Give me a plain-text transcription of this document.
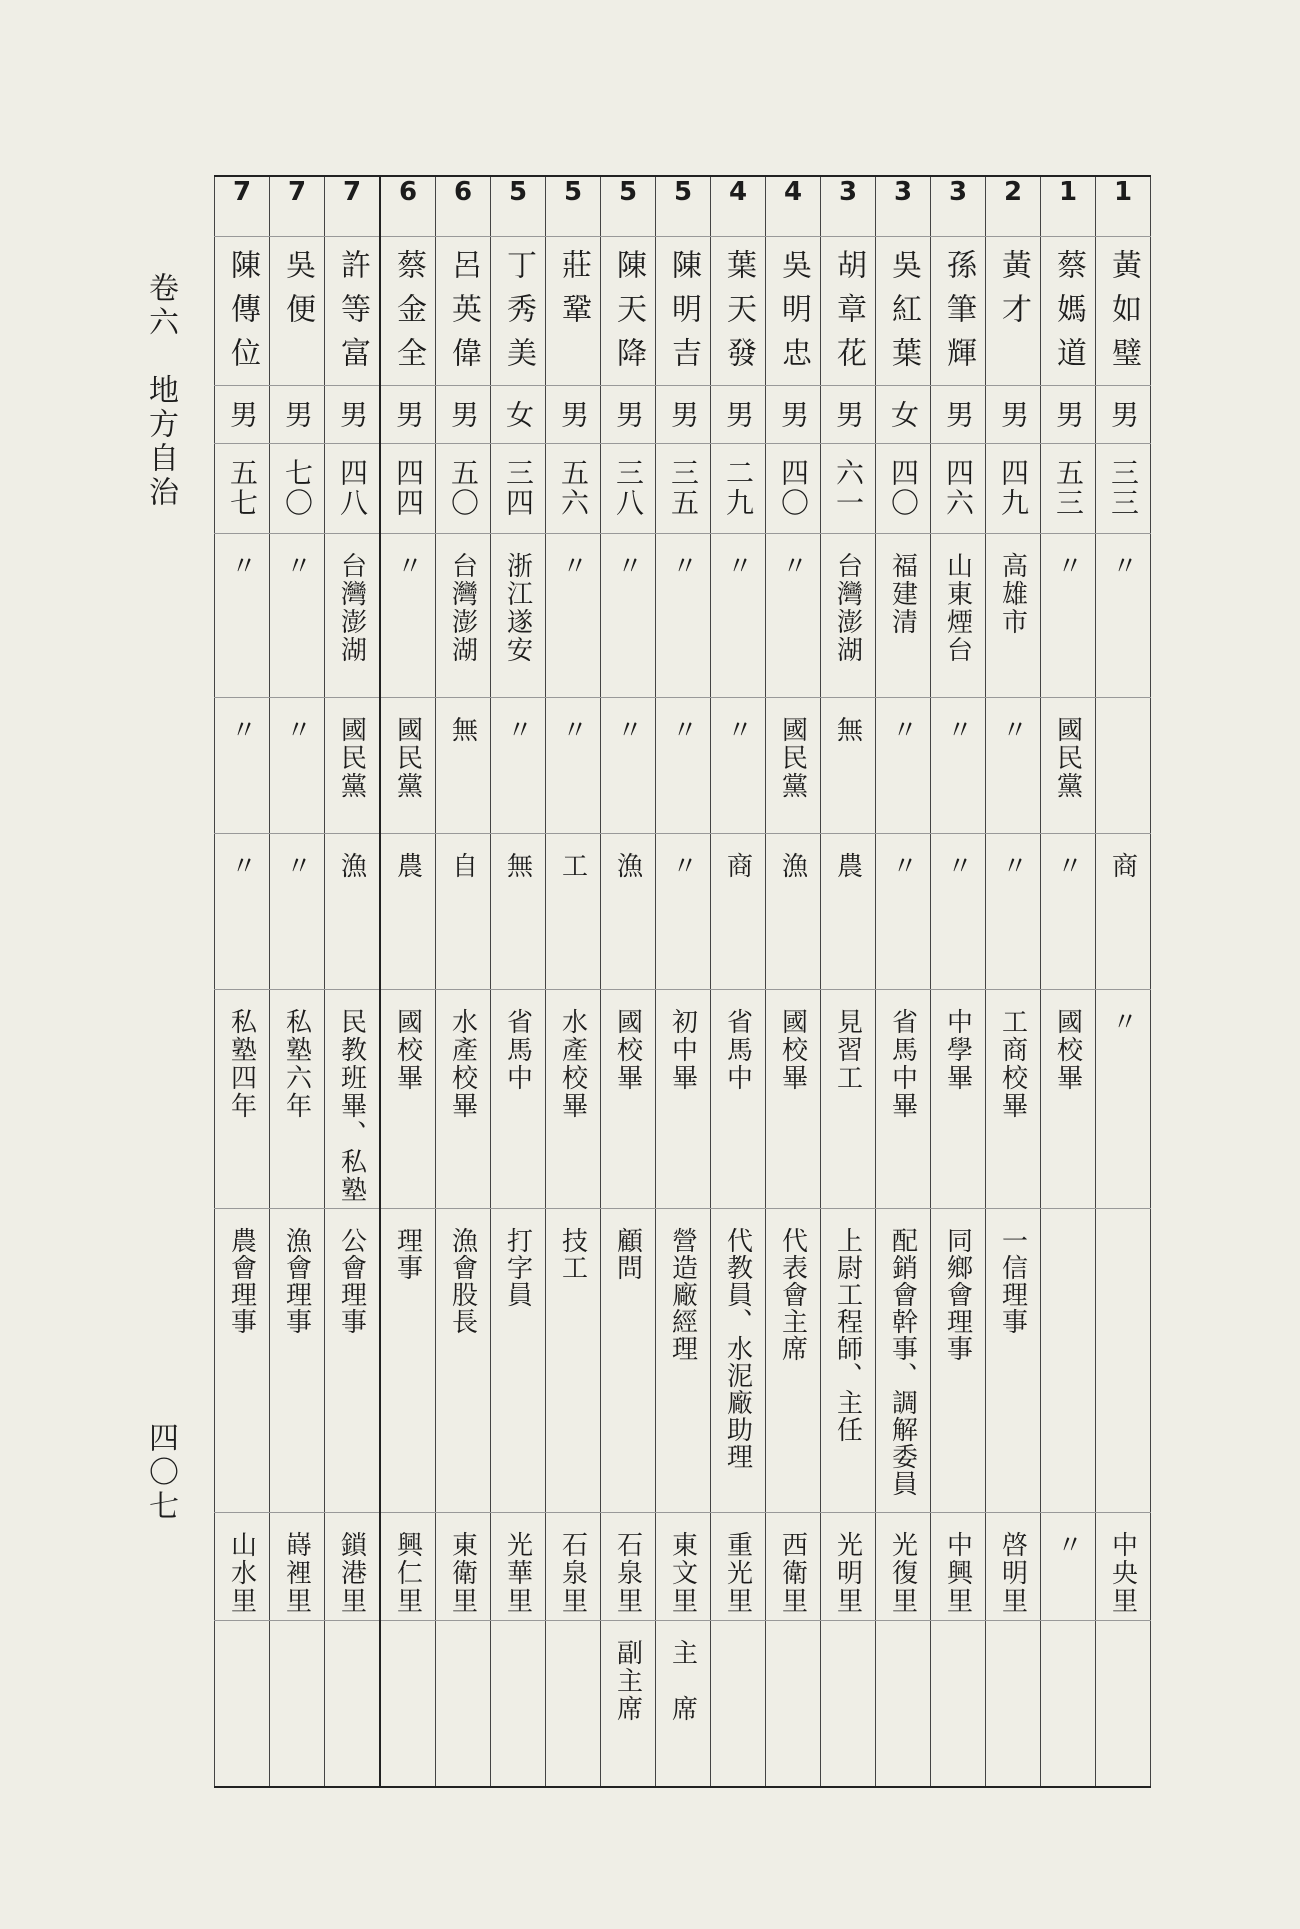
卷六　地方自治
四〇七
7	7	7	6	6	5	5	5	5	4	4	3	3	3	2	1	1
陳傳位	吳便	許等富	蔡金全	呂英偉	丁秀美	莊鞏	陳天降	陳明吉	葉天發	吳明忠	胡章花	吳紅葉	孫筆輝	黃才	蔡媽道	黃如璧
男	男	男	男	男	女	男	男	男	男	男	男	女	男	男	男	男
五七	七〇	四八	四四	五〇	三四	五六	三八	三五	二九	四〇	六一	四〇	四六	四九	五三	三三
〃	〃	台灣澎湖	〃	台灣澎湖	浙江遂安	〃	〃	〃	〃	〃	台灣澎湖	福建清	山東煙台	高雄市	〃	〃
〃	〃	國民黨	國民黨	無	〃	〃	〃	〃	〃	國民黨	無	〃	〃	〃	國民黨	
〃	〃	漁	農	自	無	工	漁	〃	商	漁	農	〃	〃	〃	〃	商
私塾四年	私塾六年	民教班畢、私塾	國校畢	水產校畢	省馬中	水產校畢	國校畢	初中畢	省馬中	國校畢	見習工	省馬中畢	中學畢	工商校畢	國校畢	〃
農會理事	漁會理事	公會理事	理事	漁會股長	打字員	技工	顧問	營造廠經理	代教員、水泥廠助理	代表會主席	上尉工程師、主任	配銷會幹事、調解委員	同鄉會理事	一信理事		
山水里	嵵裡里	鎖港里	興仁里	東衛里	光華里	石泉里	石泉里	東文里	重光里	西衛里	光明里	光復里	中興里	啓明里	〃	中央里
							副主席	主　席								
